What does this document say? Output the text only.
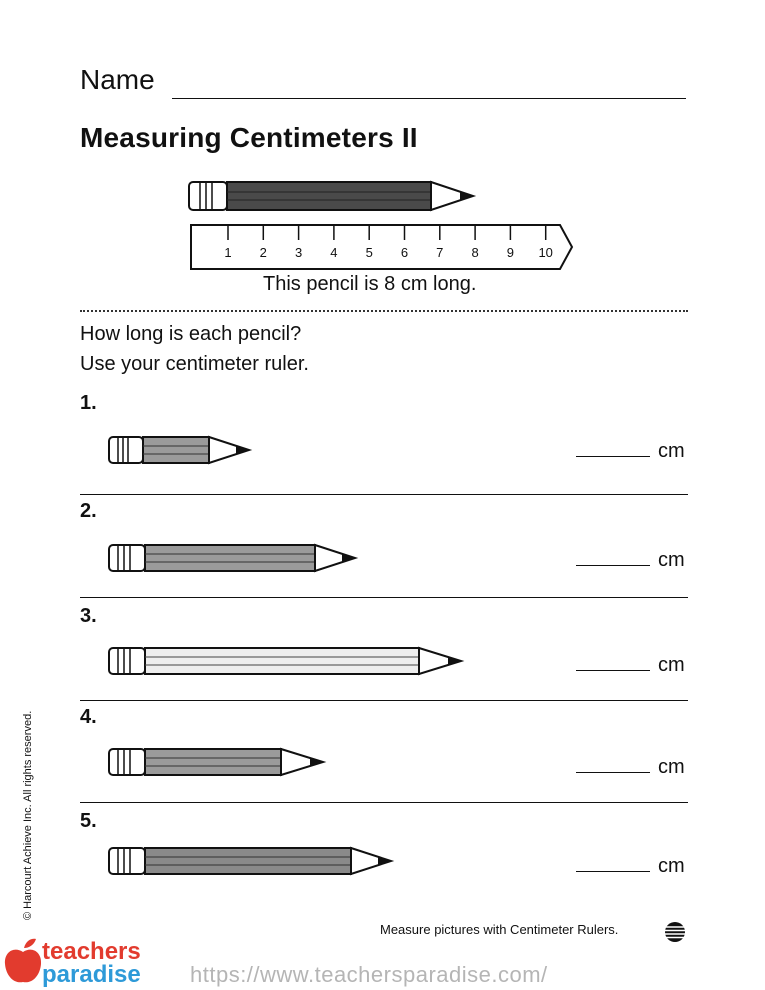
Name
Measuring Centimeters II
1 2 3 4 5 6 7 8 9 10
This pencil is 8 cm long.
How long is each pencil?
Use your centimeter ruler.
1.
cm
2.
cm
3.
cm
4.
cm
5.
cm
© Harcourt Achieve Inc. All rights reserved.
Measure pictures with Centimeter Rulers.
teachers
paradise https://www.teachersparadise.com/
